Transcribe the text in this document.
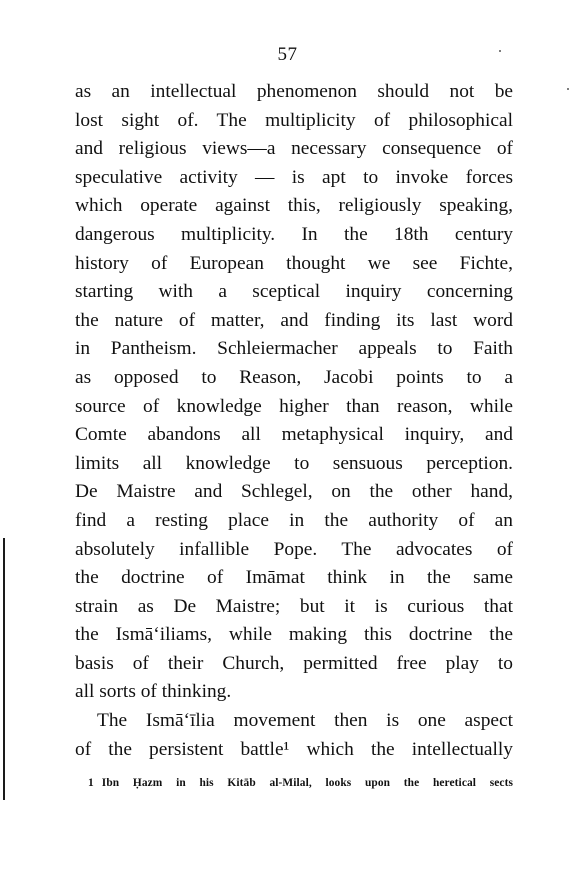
57
as an intellectual phenomenon should not be
lost sight of. The multiplicity of philosophical
and religious views—a necessary consequence of
speculative activity — is apt to invoke forces
which operate against this, religiously speaking,
dangerous multiplicity. In the 18th century
history of European thought we see Fichte,
starting with a sceptical inquiry concerning
the nature of matter, and finding its last word
in Pantheism. Schleiermacher appeals to Faith
as opposed to Reason, Jacobi points to a
source of knowledge higher than reason, while
Comte abandons all metaphysical inquiry, and
limits all knowledge to sensuous perception.
De Maistre and Schlegel, on the other hand,
find a resting place in the authority of an
absolutely infallible Pope. The advocates of
the doctrine of Imāmat think in the same
strain as De Maistre; but it is curious that
the Ismāʻiliams, while making this doctrine the
basis of their Church, permitted free play to
all sorts of thinking.
The Ismāʻīlia movement then is one aspect
of the persistent battle¹ which the intellectually
1 Ibn Ḥazm in his Kitāb al-Milal, looks upon the heretical sects
